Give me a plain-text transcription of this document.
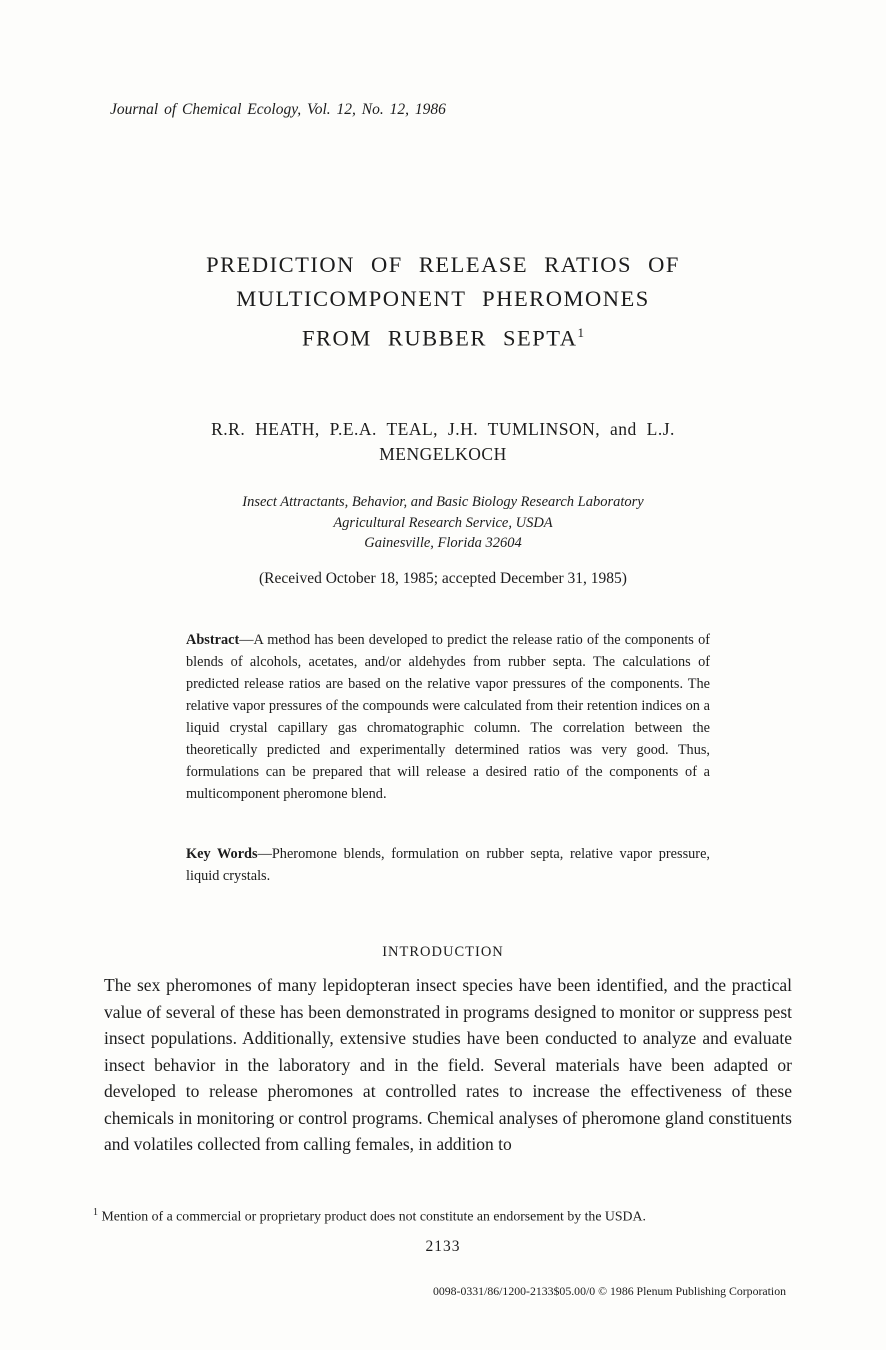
Journal of Chemical Ecology, Vol. 12, No. 12, 1986
PREDICTION OF RELEASE RATIOS OF
MULTICOMPONENT PHEROMONES
FROM RUBBER SEPTA$^1$
R.R. HEATH, P.E.A. TEAL, J.H. TUMLINSON, and L.J.
MENGELKOCH
Insect Attractants, Behavior, and Basic Biology Research Laboratory
Agricultural Research Service, USDA
Gainesville, Florida 32604
(Received October 18, 1985; accepted December 31, 1985)
Abstract—A method has been developed to predict the release ratio of the components of blends of alcohols, acetates, and/or aldehydes from rubber septa. The calculations of predicted release ratios are based on the relative vapor pressures of the components. The relative vapor pressures of the compounds were calculated from their retention indices on a liquid crystal capillary gas chromatographic column. The correlation between the theoretically predicted and experimentally determined ratios was very good. Thus, formulations can be prepared that will release a desired ratio of the components of a multicomponent pheromone blend.
Key Words—Pheromone blends, formulation on rubber septa, relative vapor pressure, liquid crystals.
INTRODUCTION
The sex pheromones of many lepidopteran insect species have been identified, and the practical value of several of these has been demonstrated in programs designed to monitor or suppress pest insect populations. Additionally, extensive studies have been conducted to analyze and evaluate insect behavior in the laboratory and in the field. Several materials have been adapted or developed to release pheromones at controlled rates to increase the effectiveness of these chemicals in monitoring or control programs. Chemical analyses of pheromone gland constituents and volatiles collected from calling females, in addition to
$^1$ Mention of a commercial or proprietary product does not constitute an endorsement by the USDA.
2133
0098-0331/86/1200-2133$05.00/0 © 1986 Plenum Publishing Corporation
